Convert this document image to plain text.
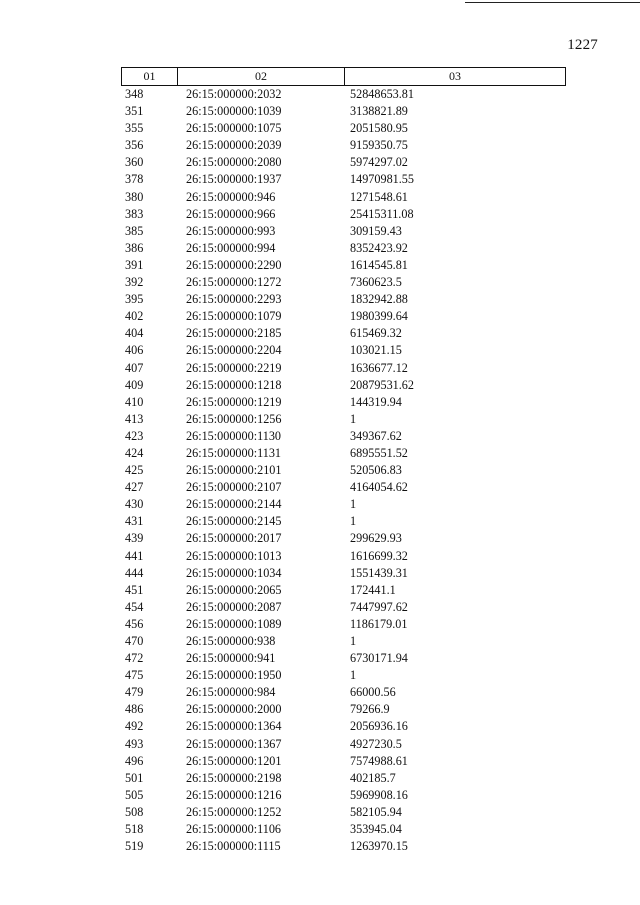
1227
01	02	03
348	26:15:000000:2032	52848653.81
351	26:15:000000:1039	3138821.89
355	26:15:000000:1075	2051580.95
356	26:15:000000:2039	9159350.75
360	26:15:000000:2080	5974297.02
378	26:15:000000:1937	14970981.55
380	26:15:000000:946	1271548.61
383	26:15:000000:966	25415311.08
385	26:15:000000:993	309159.43
386	26:15:000000:994	8352423.92
391	26:15:000000:2290	1614545.81
392	26:15:000000:1272	7360623.5
395	26:15:000000:2293	1832942.88
402	26:15:000000:1079	1980399.64
404	26:15:000000:2185	615469.32
406	26:15:000000:2204	103021.15
407	26:15:000000:2219	1636677.12
409	26:15:000000:1218	20879531.62
410	26:15:000000:1219	144319.94
413	26:15:000000:1256	1
423	26:15:000000:1130	349367.62
424	26:15:000000:1131	6895551.52
425	26:15:000000:2101	520506.83
427	26:15:000000:2107	4164054.62
430	26:15:000000:2144	1
431	26:15:000000:2145	1
439	26:15:000000:2017	299629.93
441	26:15:000000:1013	1616699.32
444	26:15:000000:1034	1551439.31
451	26:15:000000:2065	172441.1
454	26:15:000000:2087	7447997.62
456	26:15:000000:1089	1186179.01
470	26:15:000000:938	1
472	26:15:000000:941	6730171.94
475	26:15:000000:1950	1
479	26:15:000000:984	66000.56
486	26:15:000000:2000	79266.9
492	26:15:000000:1364	2056936.16
493	26:15:000000:1367	4927230.5
496	26:15:000000:1201	7574988.61
501	26:15:000000:2198	402185.7
505	26:15:000000:1216	5969908.16
508	26:15:000000:1252	582105.94
518	26:15:000000:1106	353945.04
519	26:15:000000:1115	1263970.15
